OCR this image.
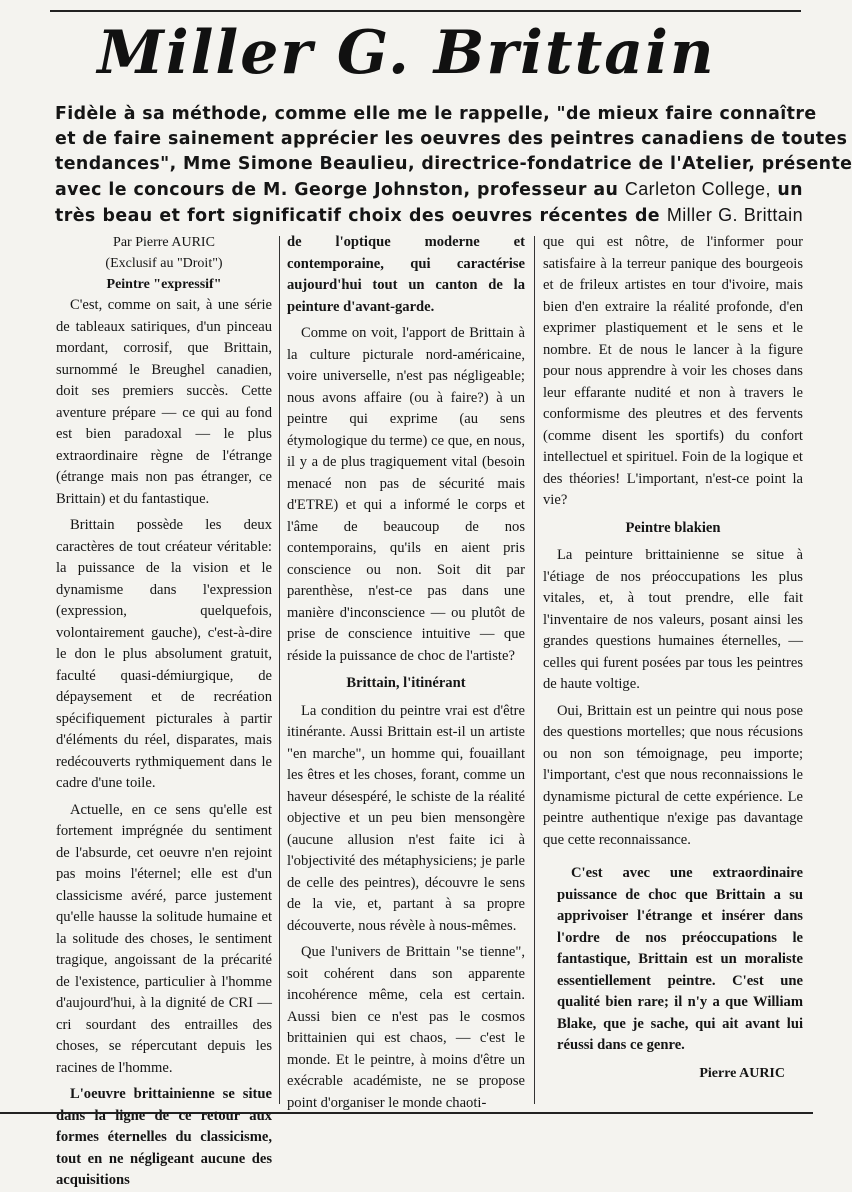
Miller G. Brittain

Fidèle à sa méthode, comme elle me le rappelle, "de mieux faire connaître

et de faire sainement apprécier les oeuvres des peintres canadiens de toutes

tendances", Mme Simone Beaulieu, directrice-fondatrice de l'Atelier, présente

avec le concours de M. George Johnston, professeur au Carleton College, un

très beau et fort significatif choix des oeuvres récentes de Miller G. Brittain

Par Pierre AURIC
(Exclusif au "Droit")
Peintre "expressif"

C'est, comme on sait, à une série de tableaux satiriques, d'un pinceau mordant, corrosif, que Brittain, surnommé le Breughel canadien, doit ses premiers succès. Cette aventure prépare — ce qui au fond est bien paradoxal — le plus extraordinaire règne de l'étrange (étrange mais non pas étranger, ce Brittain) et du fantastique.

Brittain possède les deux caractères de tout créateur véritable: la puissance de la vision et le dynamisme dans l'expression (expression, quelquefois, volontairement gauche), c'est-à-dire le don le plus absolument gratuit, faculté quasi-démiurgique, de dépaysement et de recréation spécifiquement picturales à partir d'éléments du réel, disparates, mais redécouverts rythmiquement dans le cadre d'une toile.

Actuelle, en ce sens qu'elle est fortement imprégnée du sentiment de l'absurde, cet oeuvre n'en rejoint pas moins l'éternel; elle est d'un classicisme avéré, parce justement qu'elle hausse la solitude humaine et la solitude des choses, le sentiment tragique, angoissant de la précarité de l'existence, particulier à l'homme d'aujourd'hui, à la dignité de CRI — cri sourdant des entrailles des choses, se répercutant depuis les racines de l'homme.

L'oeuvre brittainienne se situe dans la ligne de ce retour aux formes éternelles du classicisme, tout en ne négligeant aucune des acquisitions

de l'optique moderne et contemporaine, qui caractérise aujourd'hui tout un canton de la peinture d'avant-garde.

Comme on voit, l'apport de Brittain à la culture picturale nord-américaine, voire universelle, n'est pas négligeable; nous avons affaire (ou à faire?) à un peintre qui exprime (au sens étymologique du terme) ce que, en nous, il y a de plus tragiquement vital (besoin menacé non pas de sécurité mais d'ETRE) et qui a informé le corps et l'âme de beaucoup de nos contemporains, qu'ils en aient pris conscience ou non. Soit dit par parenthèse, n'est-ce pas dans une manière d'inconscience — ou plutôt de prise de conscience intuitive — que réside la puissance de choc de l'artiste?

Brittain, l'itinérant

La condition du peintre vrai est d'être itinérante. Aussi Brittain est-il un artiste "en marche", un homme qui, fouaillant les êtres et les choses, forant, comme un haveur désespéré, le schiste de la réalité objective et un peu bien mensongère (aucune allusion n'est faite ici à l'objectivité des métaphysiciens; je parle de celle des peintres), découvre le sens de la vie, et, partant à sa propre découverte, nous révèle à nous-mêmes.

Que l'univers de Brittain "se tienne", soit cohérent dans son apparente incohérence même, cela est certain. Aussi bien ce n'est pas le cosmos brittainien qui est chaos, — c'est le monde. Et le peintre, à moins d'être un exécrable académiste, ne se propose point d'organiser le monde chaoti-

que qui est nôtre, de l'informer pour satisfaire à la terreur panique des bourgeois et de frileux artistes en tour d'ivoire, mais bien d'en extraire la réalité profonde, d'en exprimer plastiquement et le sens et le nombre. Et de nous le lancer à la figure pour nous apprendre à voir les choses dans leur effarante nudité et non à travers le conformisme des pleutres et des fervents (comme disent les sportifs) du confort intellectuel et spirituel. Foin de la logique et des théories! L'important, n'est-ce point la vie?

Peintre blakien

La peinture brittainienne se situe à l'étiage de nos préoccupations les plus vitales, et, à tout prendre, elle fait l'inventaire de nos valeurs, posant ainsi les grandes questions humaines éternelles, — celles qui furent posées par tous les peintres de haute voltige.

Oui, Brittain est un peintre qui nous pose des questions mortelles; que nous récusions ou non son témoignage, peu importe; l'important, c'est que nous reconnaissions le dynamisme pictural de cette expérience. Le peintre authentique n'exige pas davantage que cette reconnaissance.

C'est avec une extraordinaire puissance de choc que Brittain a su apprivoiser l'étrange et insérer dans l'ordre de nos préoccupations le fantastique, Brittain est un moraliste essentiellement peintre. C'est une qualité bien rare; il n'y a que William Blake, que je sache, qui ait avant lui réussi dans ce genre.
Pierre AURIC
